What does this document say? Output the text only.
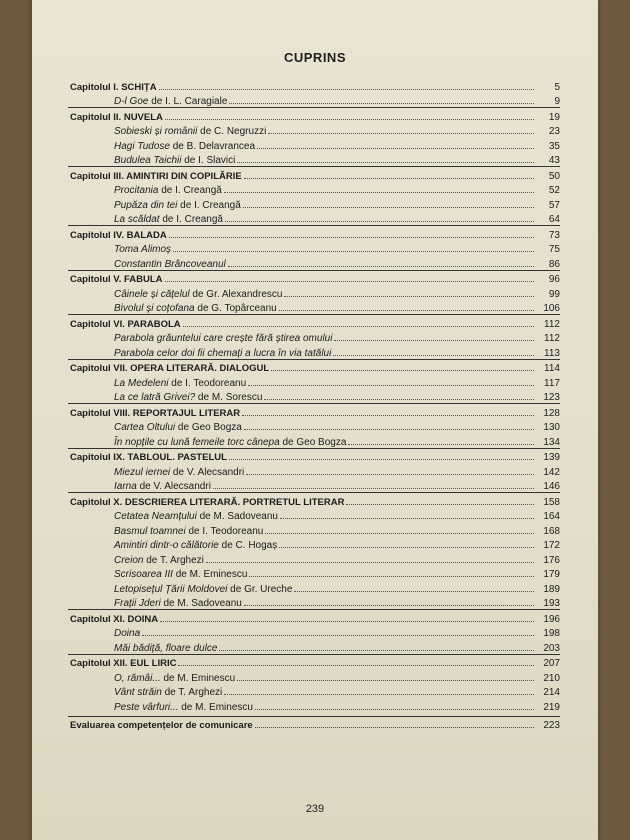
CUPRINS
Capitolul I. SCHIȚA	5
D-l Goe de I. L. Caragiale	9
Capitolul II. NUVELA	19
Sobieski și românii de C. Negruzzi	23
Hagi Tudose de B. Delavrancea	35
Budulea Taichii de I. Slavici	43
Capitolul III. AMINTIRI DIN COPILĂRIE	50
Procitania de I. Creangă	52
Pupăza din tei de I. Creangă	57
La scăldat de I. Creangă	64
Capitolul IV. BALADA	73
Toma Alimoș	75
Constantin Brâncoveanul	86
Capitolul V. FABULA	96
Câinele și cățelul de Gr. Alexandrescu	99
Bivolul și coțofana de G. Topârceanu	106
Capitolul VI. PARABOLA	112
Parabola grăuntelui care crește fără știrea omului	112
Parabola celor doi fii chemați a lucra în via tatălui	113
Capitolul VII. OPERA LITERARĂ. DIALOGUL	114
La Medeleni de I. Teodoreanu	117
La ce latră Grivei? de M. Sorescu	123
Capitolul VIII. REPORTAJUL LITERAR	128
Cartea Oltului de Geo Bogza	130
În nopțile cu lună femeile torc cânepa de Geo Bogza	134
Capitolul IX. TABLOUL. PASTELUL	139
Miezul iernei de V. Alecsandri	142
Iarna de V. Alecsandri	146
Capitolul X. DESCRIEREA LITERARĂ. PORTRETUL LITERAR	158
Cetatea Neamțului de M. Sadoveanu	164
Basmul toamnei de I. Teodoreanu	168
Amintiri dintr-o călătorie de C. Hogaș	172
Creion de T. Arghezi	176
Scrisoarea III de M. Eminescu	179
Letopisețul Țării Moldovei de Gr. Ureche	189
Frații Jderi de M. Sadoveanu	193
Capitolul XI. DOINA	196
Doina	198
Măi bădiță, floare dulce	203
Capitolul XII. EUL LIRIC	207
O, rămâi... de M. Eminescu	210
Vânt străin de T. Arghezi	214
Peste vârfuri... de M. Eminescu	219
Evaluarea competențelor de comunicare	223
239
